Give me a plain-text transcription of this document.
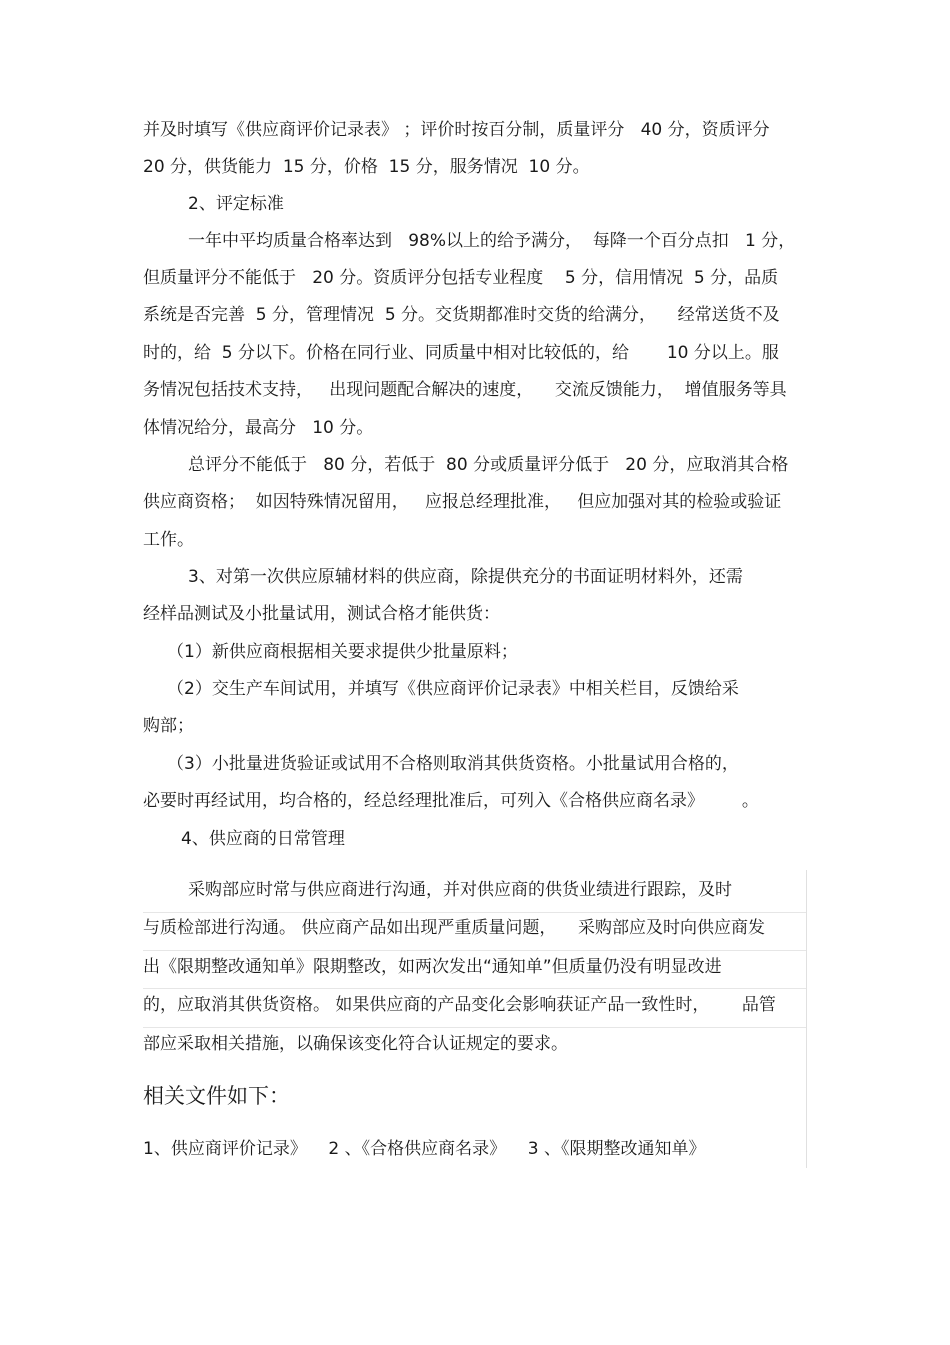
并及时填写《供应商评价记录表》 ；评价时按百分制，质量评分   40 分，资质评分
20 分，供货能力  15 分，价格  15 分，服务情况  10 分。
2、评定标准
一年中平均质量合格率达到   98%以上的给予满分，  每降一个百分点扣   1 分，
但质量评分不能低于   20 分。资质评分包括专业程度    5 分，信用情况  5 分，品质
系统是否完善  5 分，管理情况  5 分。交货期都准时交货的给满分，    经常送货不及
时的，给  5 分以下。价格在同行业、同质量中相对比较低的，给       10 分以上。服
务情况包括技术支持，   出现问题配合解决的速度，    交流反馈能力，  增值服务等具
体情况给分，最高分   10 分。
总评分不能低于   80 分，若低于  80 分或质量评分低于   20 分，应取消其合格
供应商资格；  如因特殊情况留用，   应报总经理批准，   但应加强对其的检验或验证
工作。
3、对第一次供应原辅材料的供应商，除提供充分的书面证明材料外，还需
经样品测试及小批量试用，测试合格才能供货：
（1）新供应商根据相关要求提供少批量原料；
（2）交生产车间试用，并填写《供应商评价记录表》中相关栏目，反馈给采
购部；
（3）小批量进货验证或试用不合格则取消其供货资格。小批量试用合格的，
必要时再经试用，均合格的，经总经理批准后，可列入《合格供应商名录》       。
4、供应商的日常管理
采购部应时常与供应商进行沟通，并对供应商的供货业绩进行跟踪，及时
与质检部进行沟通。 供应商产品如出现严重质量问题，    采购部应及时向供应商发
出《限期整改通知单》限期整改，如两次发出“通知单”但质量仍没有明显改进
的，应取消其供货资格。 如果供应商的产品变化会影响获证产品一致性时，      品管
部应采取相关措施，以确保该变化符合认证规定的要求。
相关文件如下：
1、供应商评价记录》    2 、《合格供应商名录》    3 、《限期整改通知单》
